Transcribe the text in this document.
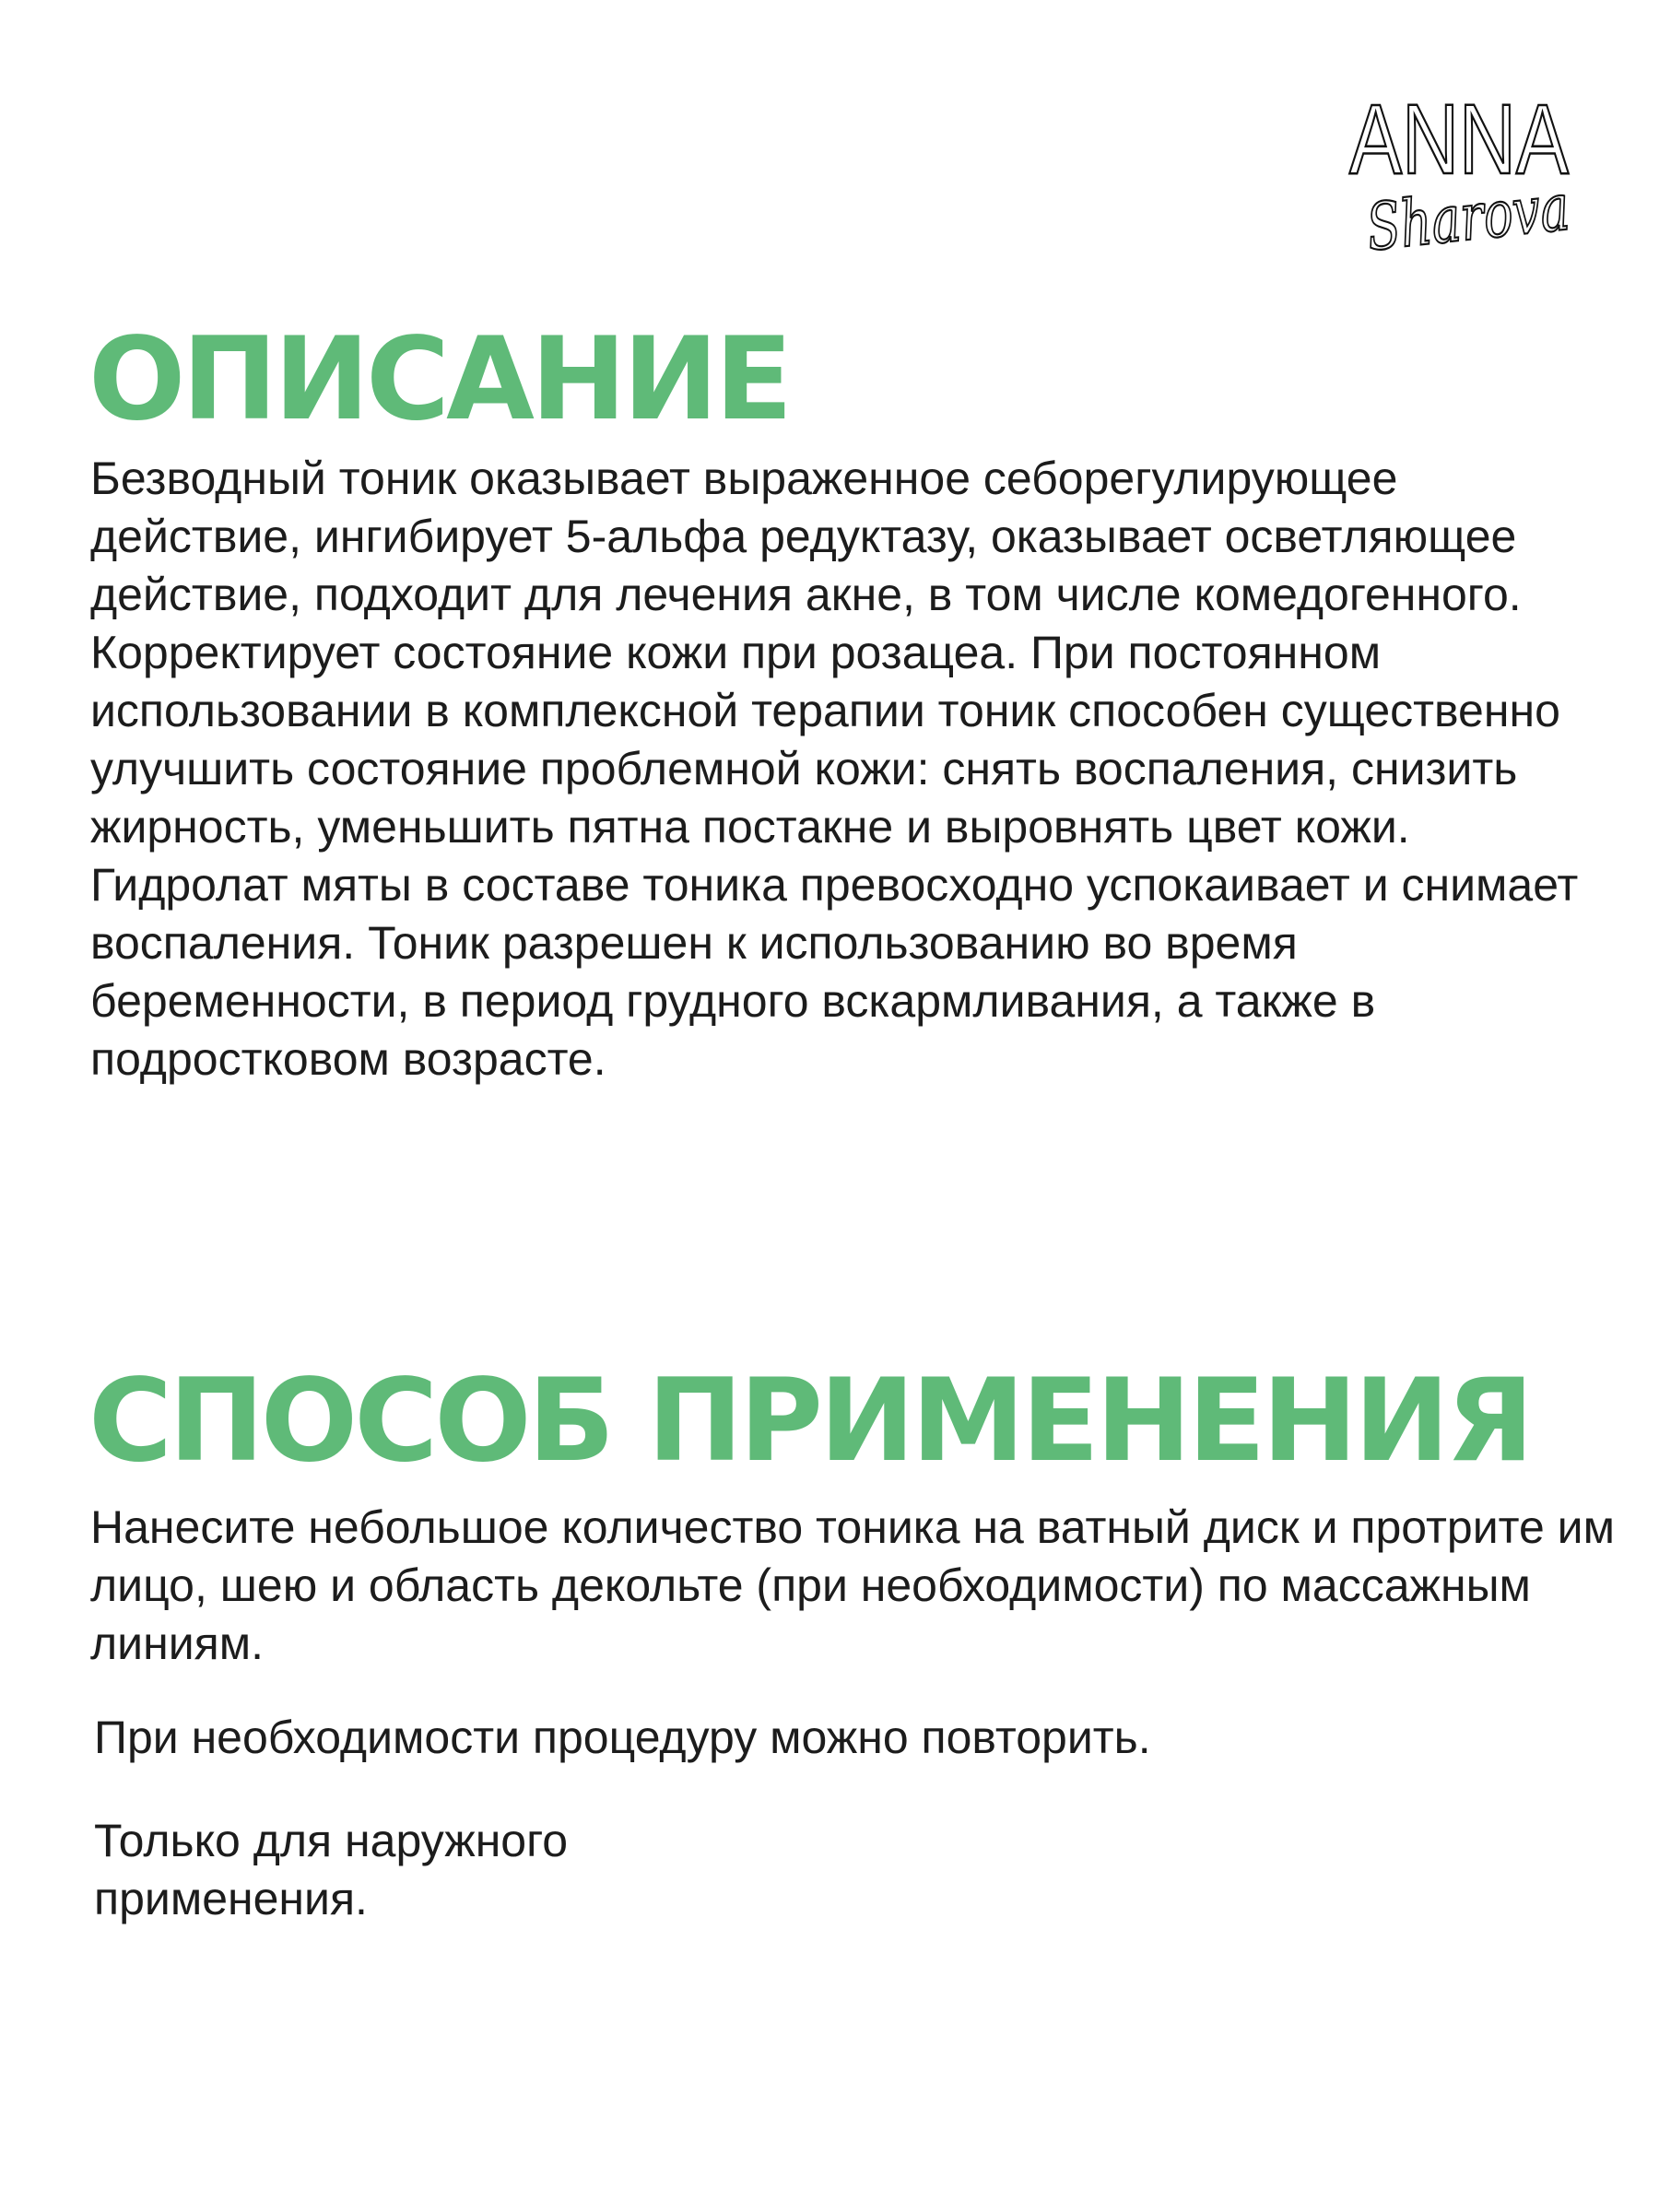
ANNA
Sharova
ОПИСАНИЕ

Безводный тоник оказывает выраженное себорегулирующее действие, ингибирует 5-альфа редуктазу, оказывает осветляющее действие, подходит для лечения акне, в том числе комедогенного. Корректирует состояние кожи при розацеа. При постоянном использовании в комплексной терапии тоник способен существенно улучшить состояние проблемной кожи: снять воспаления, снизить жирность, уменьшить пятна постакне и выровнять цвет кожи. Гидролат мяты в составе тоника превосходно успокаивает и снимает воспаления. Тоник разрешен к использованию во время беременности, в период грудного вскармливания, а также в подростковом возрасте.

СПОСОБ ПРИМЕНЕНИЯ

Нанесите небольшое количество тоника на ватный диск и протрите им лицо, шею и область декольте (при необходимости) по массажным линиям.

При необходимости процедуру можно повторить.

Только для наружного применения.
